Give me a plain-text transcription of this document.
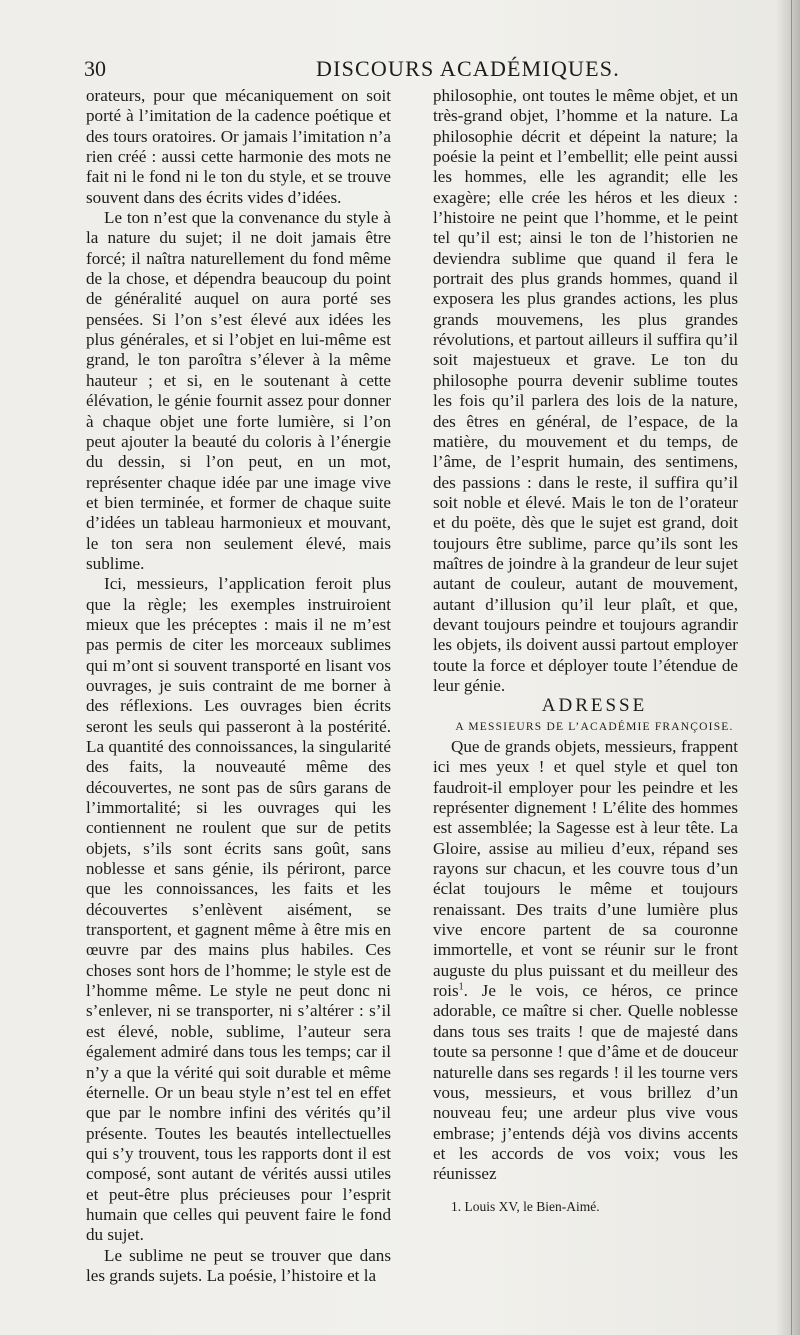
30	DISCOURS ACADÉMIQUES.

orateurs, pour que mécaniquement on soit porté à l’imitation de la cadence poétique et des tours oratoires. Or jamais l’imitation n’a rien créé : aussi cette harmonie des mots ne fait ni le fond ni le ton du style, et se trouve souvent dans des écrits vides d’idées.

Le ton n’est que la convenance du style à la nature du sujet; il ne doit jamais être forcé; il naîtra naturellement du fond même de la chose, et dépendra beaucoup du point de généralité auquel on aura porté ses pensées. Si l’on s’est élevé aux idées les plus générales, et si l’objet en lui-même est grand, le ton paroîtra s’élever à la même hauteur ; et si, en le soutenant à cette élévation, le génie fournit assez pour donner à chaque objet une forte lumière, si l’on peut ajouter la beauté du coloris à l’énergie du dessin, si l’on peut, en un mot, représenter chaque idée par une image vive et bien terminée, et former de chaque suite d’idées un tableau harmonieux et mouvant, le ton sera non seulement élevé, mais sublime.

Ici, messieurs, l’application feroit plus que la règle; les exemples instruiroient mieux que les préceptes : mais il ne m’est pas permis de citer les morceaux sublimes qui m’ont si souvent transporté en lisant vos ouvrages, je suis contraint de me borner à des réflexions. Les ouvrages bien écrits seront les seuls qui passeront à la postérité. La quantité des connoissances, la singularité des faits, la nouveauté même des découvertes, ne sont pas de sûrs garans de l’immortalité; si les ouvrages qui les contiennent ne roulent que sur de petits objets, s’ils sont écrits sans goût, sans noblesse et sans génie, ils périront, parce que les connoissances, les faits et les découvertes s’enlèvent aisément, se transportent, et gagnent même à être mis en œuvre par des mains plus habiles. Ces choses sont hors de l’homme; le style est de l’homme même. Le style ne peut donc ni s’enlever, ni se transporter, ni s’altérer : s’il est élevé, noble, sublime, l’auteur sera également admiré dans tous les temps; car il n’y a que la vérité qui soit durable et même éternelle. Or un beau style n’est tel en effet que par le nombre infini des vérités qu’il présente. Toutes les beautés intellectuelles qui s’y trouvent, tous les rapports dont il est composé, sont autant de vérités aussi utiles et peut-être plus précieuses pour l’esprit humain que celles qui peuvent faire le fond du sujet.

Le sublime ne peut se trouver que dans les grands sujets. La poésie, l’histoire et la

philosophie, ont toutes le même objet, et un très-grand objet, l’homme et la nature. La philosophie décrit et dépeint la nature; la poésie la peint et l’embellit; elle peint aussi les hommes, elle les agrandit; elle les exagère; elle crée les héros et les dieux : l’histoire ne peint que l’homme, et le peint tel qu’il est; ainsi le ton de l’historien ne deviendra sublime que quand il fera le portrait des plus grands hommes, quand il exposera les plus grandes actions, les plus grands mouvemens, les plus grandes révolutions, et partout ailleurs il suffira qu’il soit majestueux et grave. Le ton du philosophe pourra devenir sublime toutes les fois qu’il parlera des lois de la nature, des êtres en général, de l’espace, de la matière, du mouvement et du temps, de l’âme, de l’esprit humain, des sentimens, des passions : dans le reste, il suffira qu’il soit noble et élevé. Mais le ton de l’orateur et du poëte, dès que le sujet est grand, doit toujours être sublime, parce qu’ils sont les maîtres de joindre à la grandeur de leur sujet autant de couleur, autant de mouvement, autant d’illusion qu’il leur plaît, et que, devant toujours peindre et toujours agrandir les objets, ils doivent aussi partout employer toute la force et déployer toute l’étendue de leur génie.

ADRESSE

A MESSIEURS DE L’ACADÉMIE FRANÇOISE.

Que de grands objets, messieurs, frappent ici mes yeux ! et quel style et quel ton faudroit-il employer pour les peindre et les représenter dignement ! L’élite des hommes est assemblée; la Sagesse est à leur tête. La Gloire, assise au milieu d’eux, répand ses rayons sur chacun, et les couvre tous d’un éclat toujours le même et toujours renaissant. Des traits d’une lumière plus vive encore partent de sa couronne immortelle, et vont se réunir sur le front auguste du plus puissant et du meilleur des rois$^1$. Je le vois, ce héros, ce prince adorable, ce maître si cher. Quelle noblesse dans tous ses traits ! que de majesté dans toute sa personne ! que d’âme et de douceur naturelle dans ses regards ! il les tourne vers vous, messieurs, et vous brillez d’un nouveau feu; une ardeur plus vive vous embrase; j’entends déjà vos divins accents et les accords de vos voix; vous les réunissez

1. Louis XV, le Bien-Aimé.
